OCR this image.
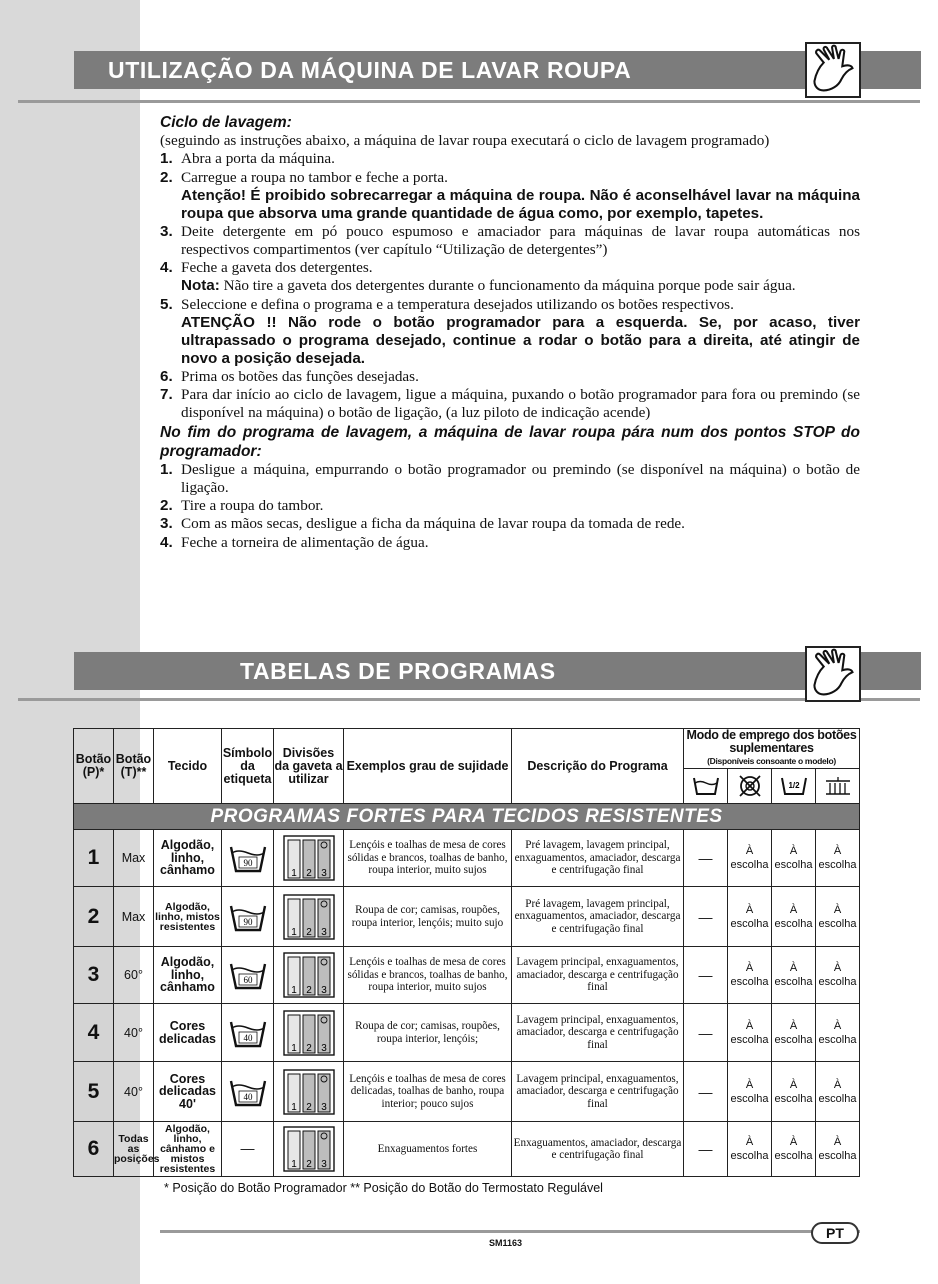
UTILIZAÇÃO DA MÁQUINA DE LAVAR ROUPA

Ciclo de lavagem:

(seguindo as instruções abaixo, a máquina de lavar roupa executará o ciclo de lavagem programado)

1. Abra a porta da máquina.
2. Carregue a roupa no tambor e feche a porta.

Atenção! É proibido sobrecarregar a máquina de roupa. Não é aconselhável lavar na máquina roupa que absorva uma grande quantidade de água como, por exemplo, tapetes.

3. Deite detergente em pó pouco espumoso e amaciador para máquinas de lavar roupa automáticas nos respectivos compartimentos (ver capítulo “Utilização de detergentes”)
4. Feche a gaveta dos detergentes.

Nota: Não tire a gaveta dos detergentes durante o funcionamento da máquina porque pode sair água.

5. Seleccione e defina o programa e a temperatura desejados utilizando os botões respectivos.

ATENÇÃO !! Não rode o botão programador para a esquerda. Se, por acaso, tiver ultrapassado o programa desejado, continue a rodar o botão para a direita, até atingir de novo a posição desejada.

6. Prima os botões das funções desejadas.
7. Para dar início ao ciclo de lavagem, ligue a máquina, puxando o botão programador para fora ou premindo (se disponível na máquina) o botão de ligação, (a luz piloto de indicação acende)

No fim do programa de lavagem, a máquina de lavar roupa pára num dos pontos STOP do programador:

1. Desligue a máquina, empurrando o botão programador ou premindo (se disponível na máquina) o botão de ligação.
2. Tire a roupa do tambor.
3. Com as mãos secas, desligue a ficha da máquina de lavar roupa da tomada de rede.
4. Feche a torneira de alimentação de água.
TABELAS DE PROGRAMAS
Botão (P)*	Botão (T)**	Tecido	Símbolo da etiqueta	Divisões da gaveta a utilizar	Exemplos grau de sujidade	Descrição do Programa	Modo de emprego dos botões suplementares
(Disponíveis consoante o modelo)			

1/2

PROGRAMAS FORTES PARA TECIDOS RESISTENTES										
1	Max	Algodão, linho, cânhamo	90	1 2 3	Lençóis e toalhas de mesa de cores sólidas e brancos, toalhas de banho, roupa interior, muito sujos	Pré lavagem, lavagem principal, enxaguamentos, amaciador, descarga e centrifugação final	—	À escolha	À escolha	À escolha
2	Max	Algodão, linho, mistos resistentes	90	1 2 3	Roupa de cor; camisas, roupões, roupa interior, lençóis; muito sujo	Pré lavagem, lavagem principal, enxaguamentos, amaciador, descarga e centrifugação final	—	À escolha	À escolha	À escolha
3	60°	Algodão, linho, cânhamo	60	1 2 3	Lençóis e toalhas de mesa de cores sólidas e brancos, toalhas de banho, roupa interior, muito sujos	Lavagem principal, enxaguamentos, amaciador, descarga e centrifugação final	—	À escolha	À escolha	À escolha
4	40°	Cores delicadas	40	1 2 3	Roupa de cor; camisas, roupões, roupa interior, lençóis;	Lavagem principal, enxaguamentos, amaciador, descarga e centrifugação final	—	À escolha	À escolha	À escolha
5	40°	Cores delicadas 40'	40	1 2 3	Lençóis e toalhas de mesa de cores delicadas, toalhas de banho, roupa interior; pouco sujos	Lavagem principal, enxaguamentos, amaciador, descarga e centrifugação final	—	À escolha	À escolha	À escolha
6	Todas as posições	Algodão, linho, cânhamo e mistos resistentes	—	1 2 3	Enxaguamentos fortes	Enxaguamentos, amaciador, descarga e centrifugação final	—	À escolha	À escolha	À escolha
* Posição do Botão Programador ** Posição do Botão do Termostato Regulável
SM1163
PT
